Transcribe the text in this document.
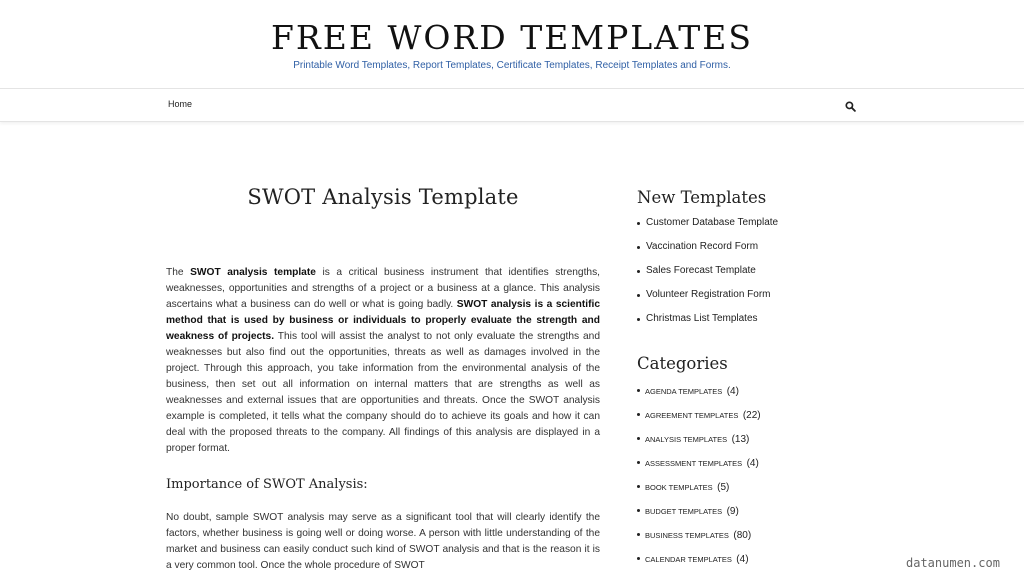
FREE WORD TEMPLATES
Printable Word Templates, Report Templates, Certificate Templates, Receipt Templates and Forms.
Home
SWOT Analysis Template

The SWOT analysis template is a critical business instrument that identifies strengths, weaknesses, opportunities and strengths of a project or a business at a glance. This analysis ascertains what a business can do well or what is going badly. SWOT analysis is a scientific method that is used by business or individuals to properly evaluate the strength and weakness of projects. This tool will assist the analyst to not only evaluate the strengths and weaknesses but also find out the opportunities, threats as well as damages involved in the project. Through this approach, you take information from the environmental analysis of the business, then set out all information on internal matters that are strengths as well as weaknesses and external issues that are opportunities and threats. Once the SWOT analysis example is completed, it tells what the company should do to achieve its goals and how it can deal with the proposed threats to the company. All findings of this analysis are displayed in a proper format.

Importance of SWOT Analysis:

No doubt, sample SWOT analysis may serve as a significant tool that will clearly identify the factors, whether business is going well or doing worse. A person with little understanding of the market and business can easily conduct such kind of SWOT analysis and that is the reason it is a very common tool. Once the whole procedure of SWOT

New Templates
Customer Database Template
Vaccination Record Form
Sales Forecast Template
Volunteer Registration Form
Christmas List Templates
Categories
AGENDA TEMPLATES (4)
AGREEMENT TEMPLATES (22)
ANALYSIS TEMPLATES (13)
ASSESSMENT TEMPLATES (4)
BOOK TEMPLATES (5)
BUDGET TEMPLATES (9)
BUSINESS TEMPLATES (80)
CALENDAR TEMPLATES (4)	datanumen.com
